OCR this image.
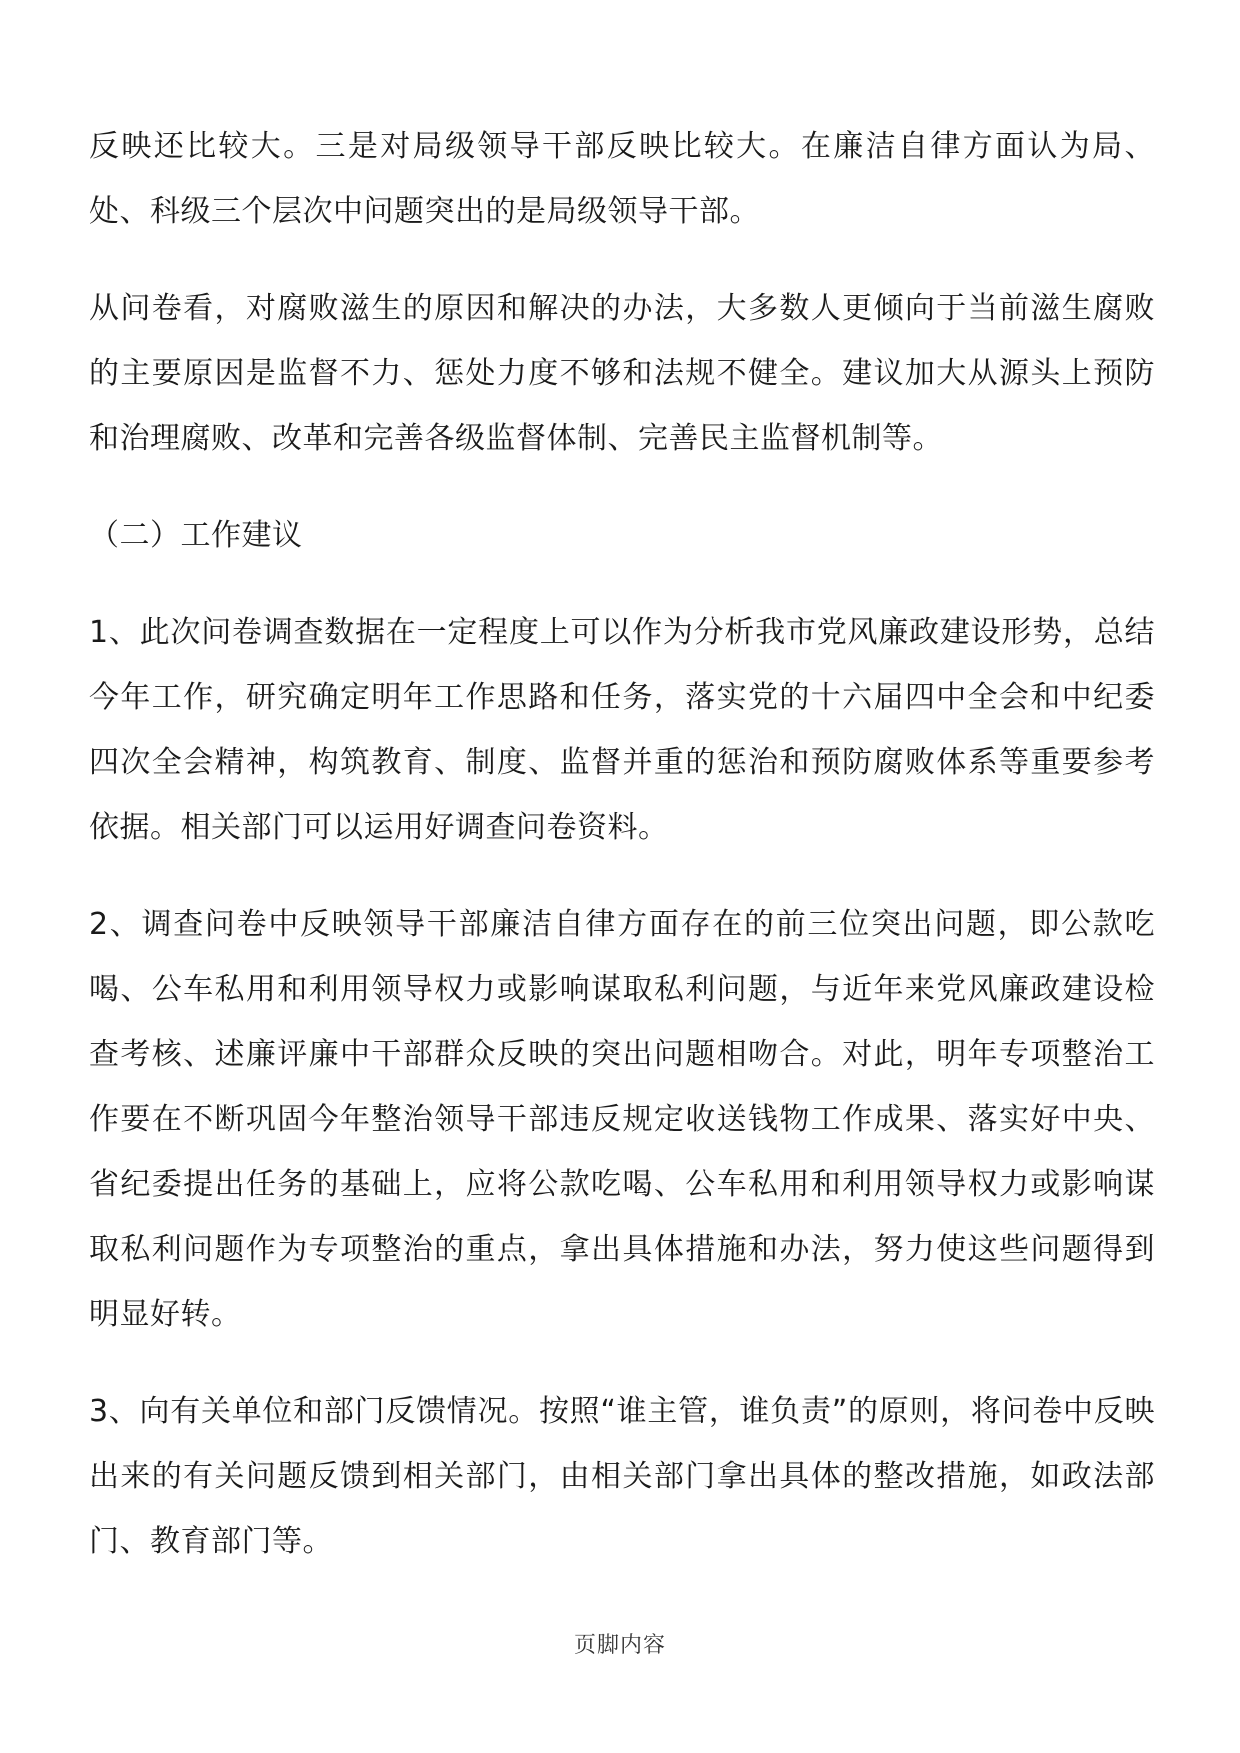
反映还比较大。三是对局级领导干部反映比较大。在廉洁自律方面认为局、处、科级三个层次中问题突出的是局级领导干部。

从问卷看，对腐败滋生的原因和解决的办法，大多数人更倾向于当前滋生腐败的主要原因是监督不力、惩处力度不够和法规不健全。建议加大从源头上预防和治理腐败、改革和完善各级监督体制、完善民主监督机制等。

（二）工作建议

1、此次问卷调查数据在一定程度上可以作为分析我市党风廉政建设形势，总结今年工作，研究确定明年工作思路和任务，落实党的十六届四中全会和中纪委四次全会精神，构筑教育、制度、监督并重的惩治和预防腐败体系等重要参考依据。相关部门可以运用好调查问卷资料。

2、调查问卷中反映领导干部廉洁自律方面存在的前三位突出问题，即公款吃喝、公车私用和利用领导权力或影响谋取私利问题，与近年来党风廉政建设检查考核、述廉评廉中干部群众反映的突出问题相吻合。对此，明年专项整治工作要在不断巩固今年整治领导干部违反规定收送钱物工作成果、落实好中央、省纪委提出任务的基础上，应将公款吃喝、公车私用和利用领导权力或影响谋取私利问题作为专项整治的重点，拿出具体措施和办法，努力使这些问题得到明显好转。

3、向有关单位和部门反馈情况。按照“谁主管，谁负责”的原则，将问卷中反映出来的有关问题反馈到相关部门，由相关部门拿出具体的整改措施，如政法部门、教育部门等。

页脚内容
